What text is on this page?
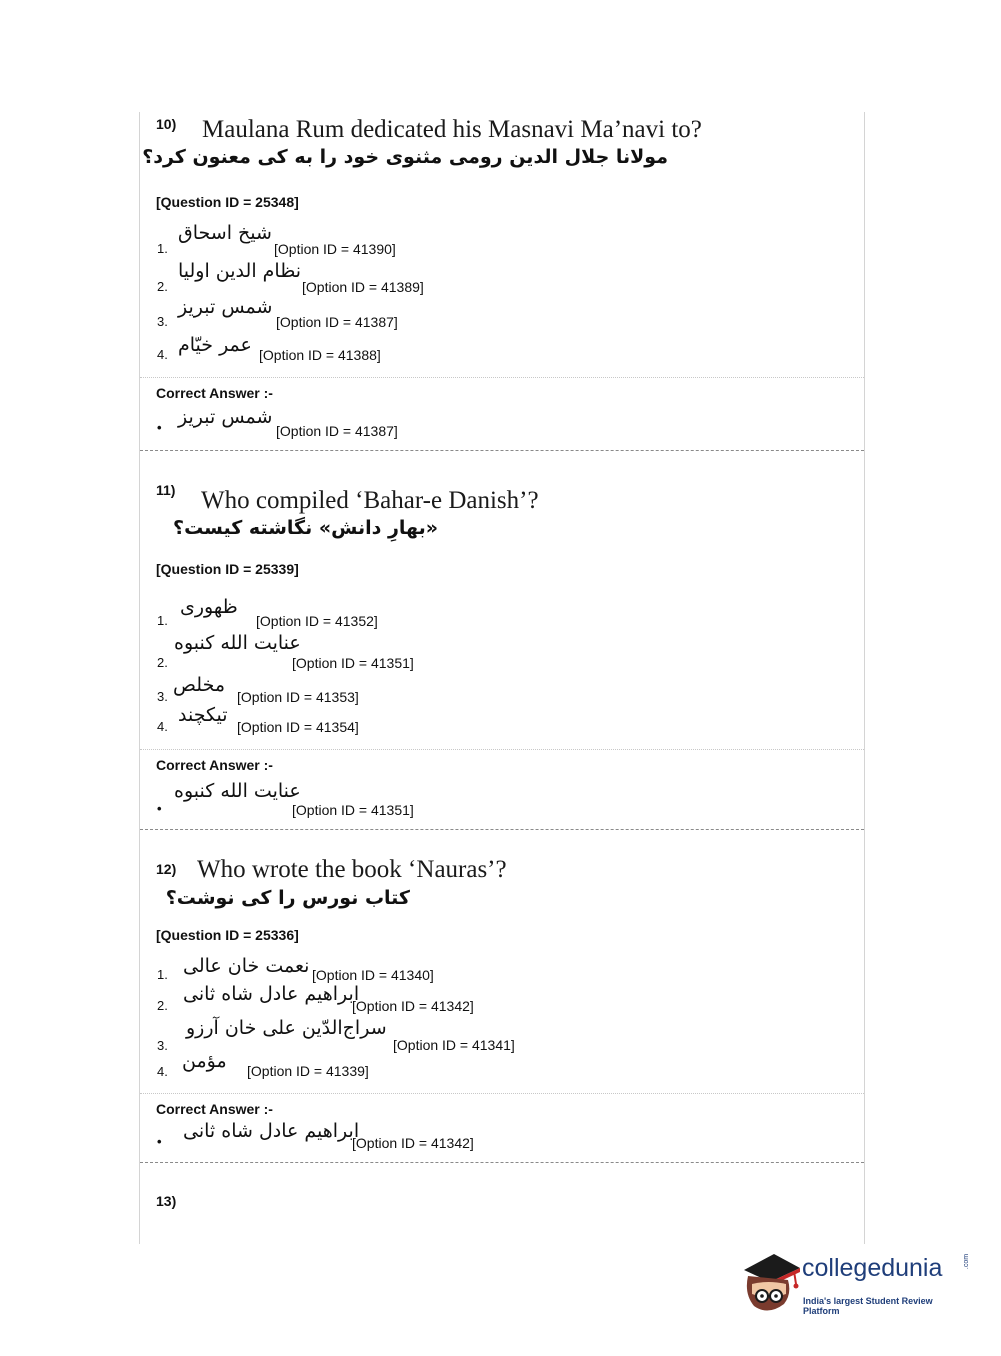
10) Maulana Rum dedicated his Masnavi Ma’navi to?
مولانا جلال الدین رومی مثنوی خود را به کی معنون کرد؟
[Question ID = 25348]
1.
شیخ اسحاق
[Option ID = 41390]
2.
نظام الدین اولیا
[Option ID = 41389]
3.
شمس تبریز
[Option ID = 41387]
4. عمر خیّام [Option ID = 41388]
Correct Answer :-
• شمس تبریز
[Option ID = 41387]
11) Who compiled ‘Bahar-e Danish’?
«بهارِ دانش» نگاشته کیست؟
[Question ID = 25339]
1.
ظهوری
[Option ID = 41352]
2.
عنایت الله کنبوه
[Option ID = 41351]
3.
مخلص
[Option ID = 41353]
4.
تیکچند
[Option ID = 41354]
Correct Answer :-
•
عنایت الله کنبوه
[Option ID = 41351]
12) Who wrote the book ‘Nauras’?
کتاب نورس را کی نوشت؟
[Question ID = 25336]
1. نعمت خان عالی [Option ID = 41340]
2.
ابراهیم عادل شاه ثانی
[Option ID = 41342]
3.
سراج‌الدّین علی خان آرزو
[Option ID = 41341]
4. مؤمن [Option ID = 41339]
Correct Answer :-
• ابراهیم عادل شاه ثانی
[Option ID = 41342]
13)
collegedunia	.com
India's largest Student Review Platform
